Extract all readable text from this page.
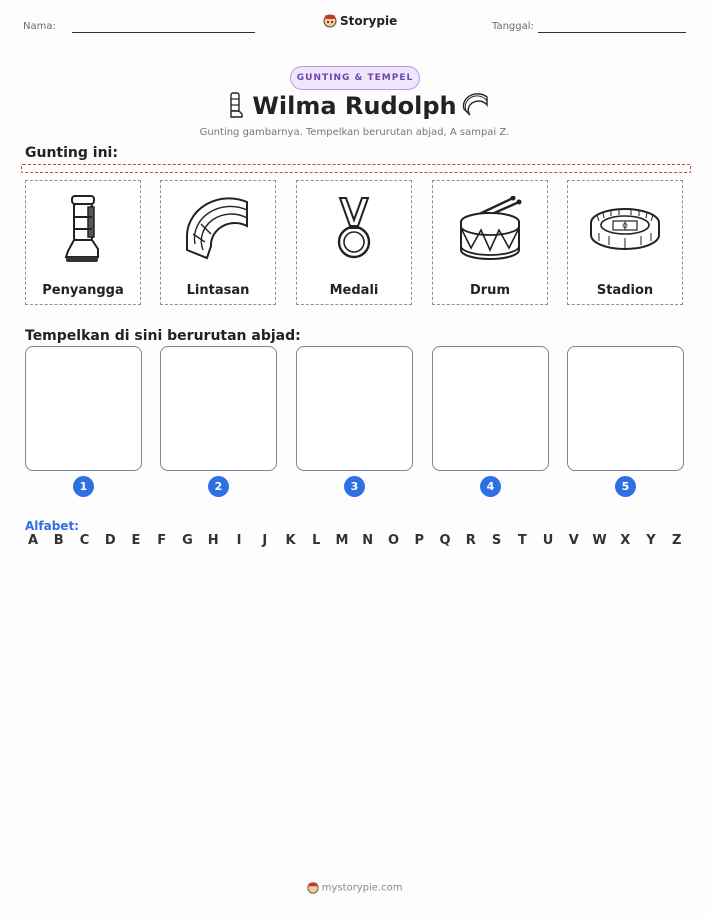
Nama:	Storypie	Tanggal:
GUNTING & TEMPEL
Wilma Rudolph
Gunting gambarnya. Tempelkan berurutan abjad, A sampai Z.
Gunting ini:
Penyangga	Lintasan	Medali	Drum	Stadion
Tempelkan di sini berurutan abjad:
1	2	3	4	5
Alfabet:
A B C D E F G H	I	J	K L M N O P Q R S T U V W X Y Z
mystorypie.com
